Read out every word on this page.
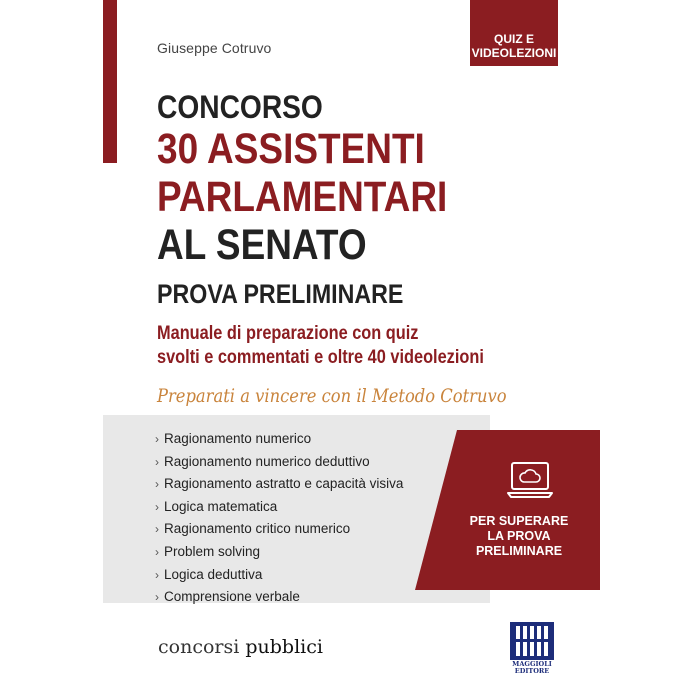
QUIZ E
VIDEOLEZIONI
Giuseppe Cotruvo
CONCORSO
30 ASSISTENTI
PARLAMENTARI
AL SENATO
PROVA PRELIMINARE
Manuale di preparazione con quiz
svolti e commentati e oltre 40 videolezioni
Preparati a vincere con il Metodo Cotruvo
› Ragionamento numerico
› Ragionamento numerico deduttivo
› Ragionamento astratto e capacità visiva
› Logica matematica
› Ragionamento critico numerico
› Problem solving
› Logica deduttiva
› Comprensione verbale
PER SUPERARE
LA PROVA
PRELIMINARE
concorsi pubblici
MAGGIOLI
EDITORE
